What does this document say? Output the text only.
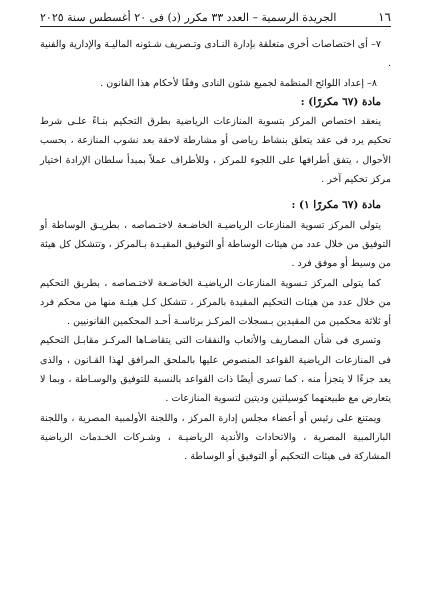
١٦
الجريدة الرسمية – العدد ٣٣ مكرر (د) فى ٢٠ أغسطس سنة ٢٠٢٥

٧– أى اختصاصات أخرى متعلقة بإدارة النـادى وتـصريف شـئونه الماليـة والإدارية والفنية .

٨– إعداد اللوائح المنظمة لجميع شئون النادى وفقًا لأحكام هذا القانون .

مادة (٦٧ مكررًا) :

ينعقد اختصاص المركز بتسوية المنازعات الرياضية بطرق التحكيم بنـاءً علـى شرط تحكيم يرد فى عقد يتعلق بنشاط رياضى أو مشارطة لاحقة بعد نشوب المنازعة ، بحسب الأحوال ، يتفق أطرافها على اللجوء للمركز ، وللأطراف عملاً بمبدأ سلطان الإرادة اختيار مركز تحكيم آخر .

مادة (٦٧ مكررًا ١) :

يتولى المركز تسوية المنازعات الرياضيـة الخاضـعة لاختـصاصه ، بطريـق الوساطة أو التوفيق من خلال عدد من هيئات الوساطة أو التوفيق المقيـدة بـالمركز ، وتتشكل كل هيئة من وسيط أو موفق فرد .

كما يتولى المركز تـسوية المنازعات الرياضيـة الخاضـعة لاختـصاصه ، بطريق التحكيم من خلال عدد من هيئات التحكيم المقيدة بالمركز ، تتشكل كـل هيئـة منها من محكم فرد أو ثلاثة محكمين من المقيدين بـسجلات المركـز برئاسـة أحـد المحكمين القانونيين .

وتسرى فى شأن المصاريف والأتعاب والنفقات التى يتقاضـاها المركـز مقابـل التحكيم فى المنازعات الرياضية القواعد المنصوص عليها بالملحق المرافق لهذا القـانون ، والذى يعد جزءًا لا يتجزأ منه ، كما تسرى أيضًا ذات القواعد بالنسبة للتوفيق والوسـاطة ، وبما لا يتعارض مع طبيعتهما كوسيلتين وديتين لتسوية المنازعات .

ويمتنع على رئيس أو أعضاء مجلس إدارة المركز ، واللجنة الأولمبية المصرية ، واللجنة البارالمبية المصرية ، والاتحادات والأندية الرياضيـة ، وشـركات الخـدمات الرياضية المشاركة فى هيئات التحكيم أو التوفيق أو الوساطة .
